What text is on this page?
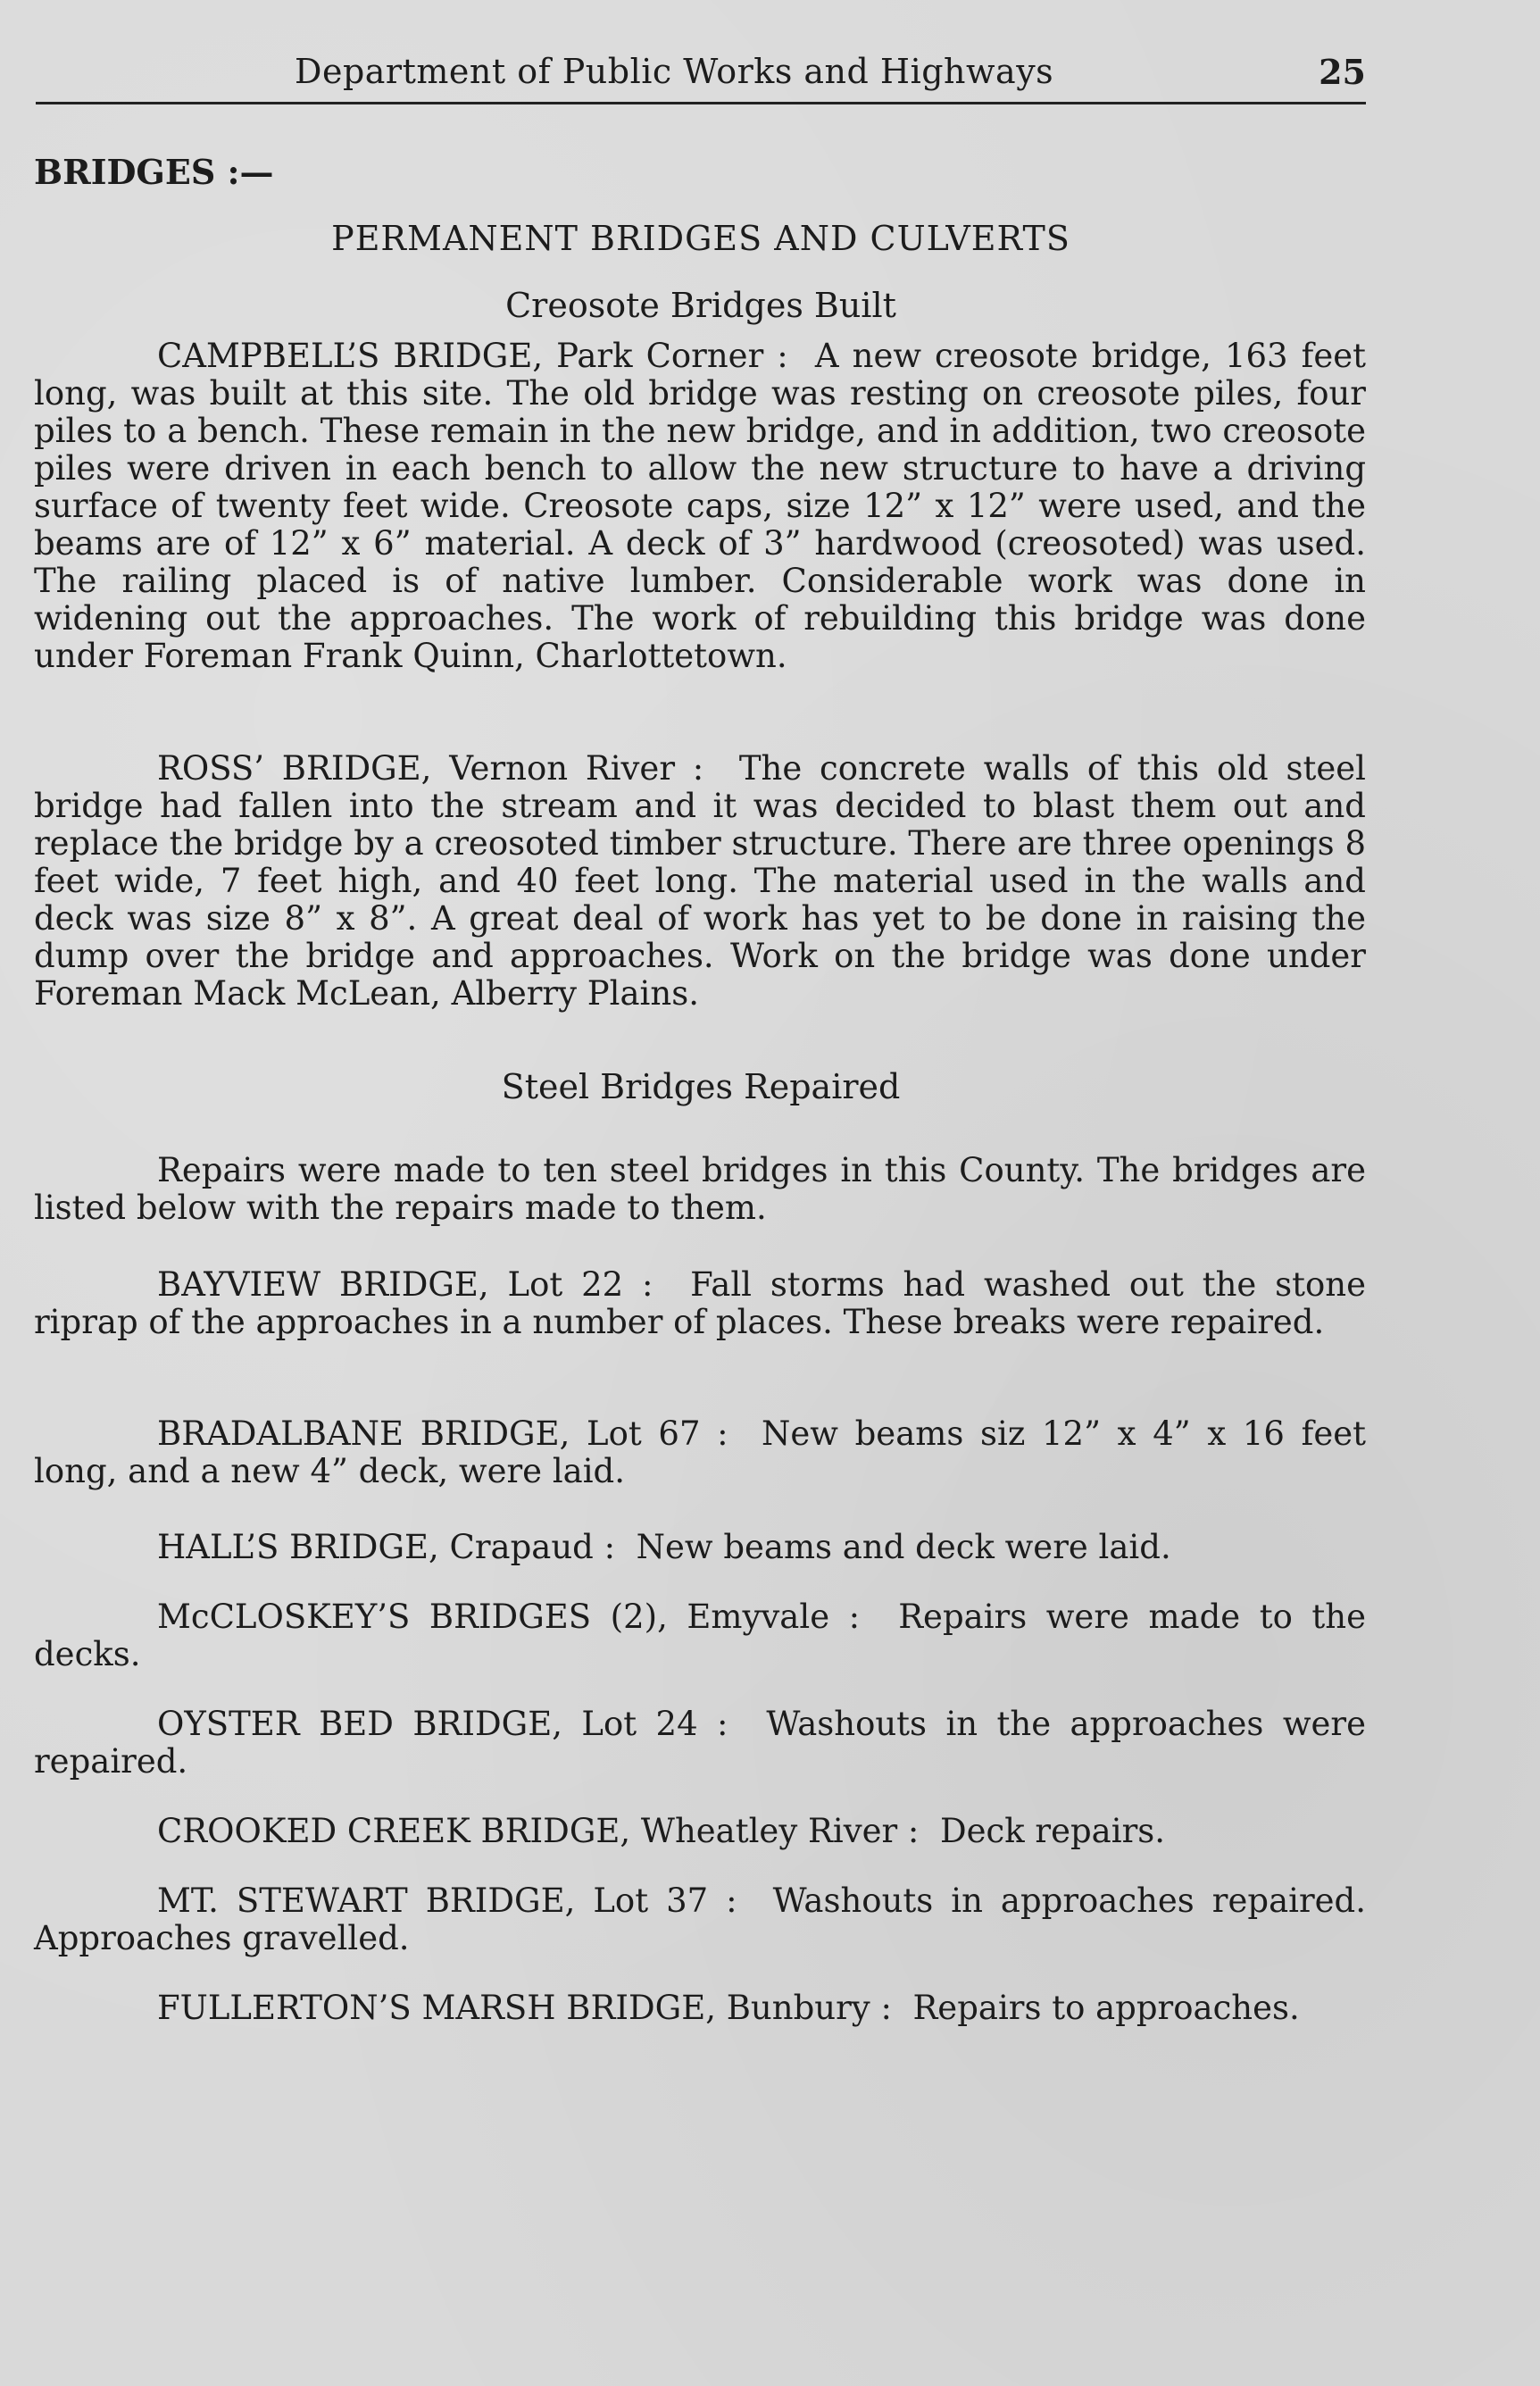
Department of Public Works and Highways	25
BRIDGES :—
PERMANENT BRIDGES AND CULVERTS
Creosote Bridges Built

CAMPBELL’S BRIDGE, Park Corner : A new creosote bridge, 163 feet long, was built at this site. The old bridge was resting on creosote piles, four piles to a bench. These remain in the new bridge, and in addition, two creosote piles were driven in each bench to allow the new structure to have a driving surface of twenty feet wide. Creosote caps, size 12” x 12” were used, and the beams are of 12” x 6” material. A deck of 3” hardwood (creosoted) was used. The railing placed is of native lumber. Considerable work was done in widening out the approaches. The work of rebuilding this bridge was done under Foreman Frank Quinn, Charlottetown.

ROSS’ BRIDGE, Vernon River : The concrete walls of this old steel bridge had fallen into the stream and it was decided to blast them out and replace the bridge by a creosoted timber structure. There are three openings 8 feet wide, 7 feet high, and 40 feet long. The material used in the walls and deck was size 8” x 8”. A great deal of work has yet to be done in raising the dump over the bridge and approaches. Work on the bridge was done under Foreman Mack McLean, Alberry Plains.

Steel Bridges Repaired

Repairs were made to ten steel bridges in this County. The bridges are listed below with the repairs made to them.

BAYVIEW BRIDGE, Lot 22 : Fall storms had washed out the stone riprap of the approaches in a number of places. These breaks were repaired.

BRADALBANE BRIDGE, Lot 67 : New beams siz 12” x 4” x 16 feet long, and a new 4” deck, were laid.

HALL’S BRIDGE, Crapaud : New beams and deck were laid.

McCLOSKEY’S BRIDGES (2), Emyvale : Repairs were made to the decks.

OYSTER BED BRIDGE, Lot 24 : Washouts in the approaches were repaired.

CROOKED CREEK BRIDGE, Wheatley River : Deck repairs.

MT. STEWART BRIDGE, Lot 37 : Washouts in approaches repaired. Approaches gravelled.

FULLERTON’S MARSH BRIDGE, Bunbury : Repairs to approaches.
